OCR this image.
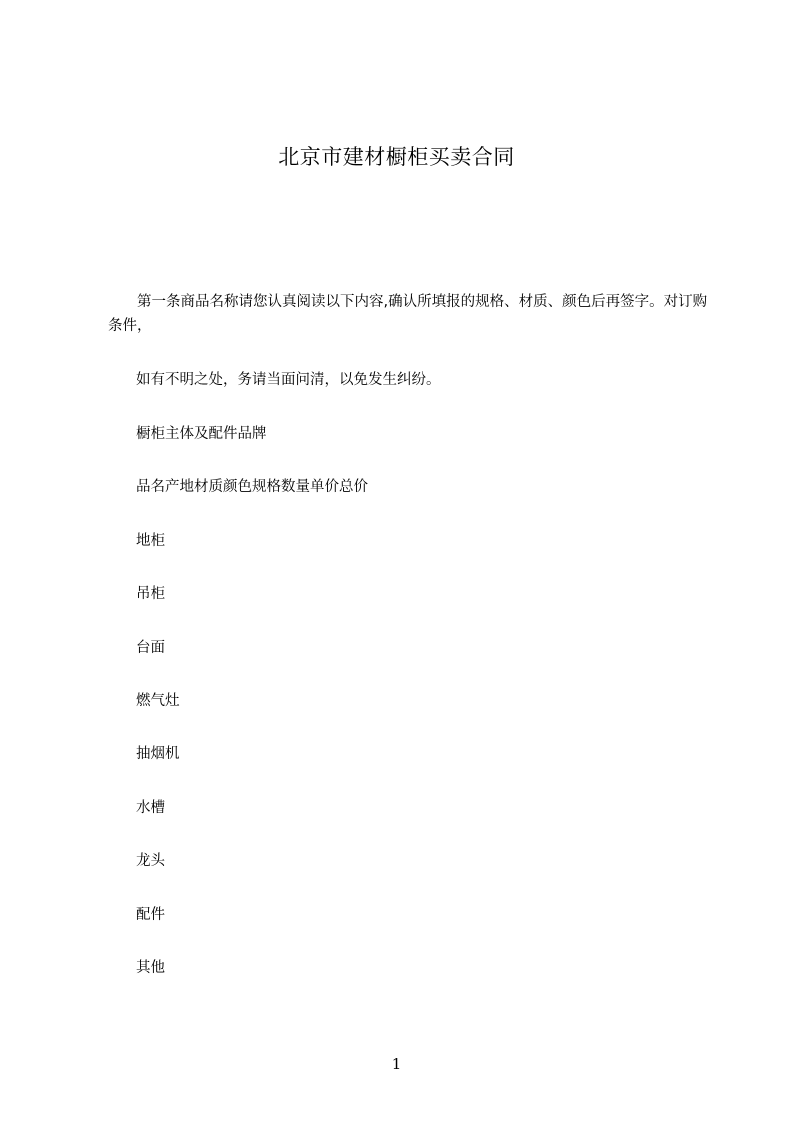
北京市建材橱柜买卖合同

第一条商品名称请您认真阅读以下内容,确认所填报的规格、材质、颜色后再签字。对订购条件，

如有不明之处，务请当面问清，以免发生纠纷。

橱柜主体及配件品牌

品名产地材质颜色规格数量单价总价

地柜

吊柜

台面

燃气灶

抽烟机

水槽

龙头

配件

其他

1
